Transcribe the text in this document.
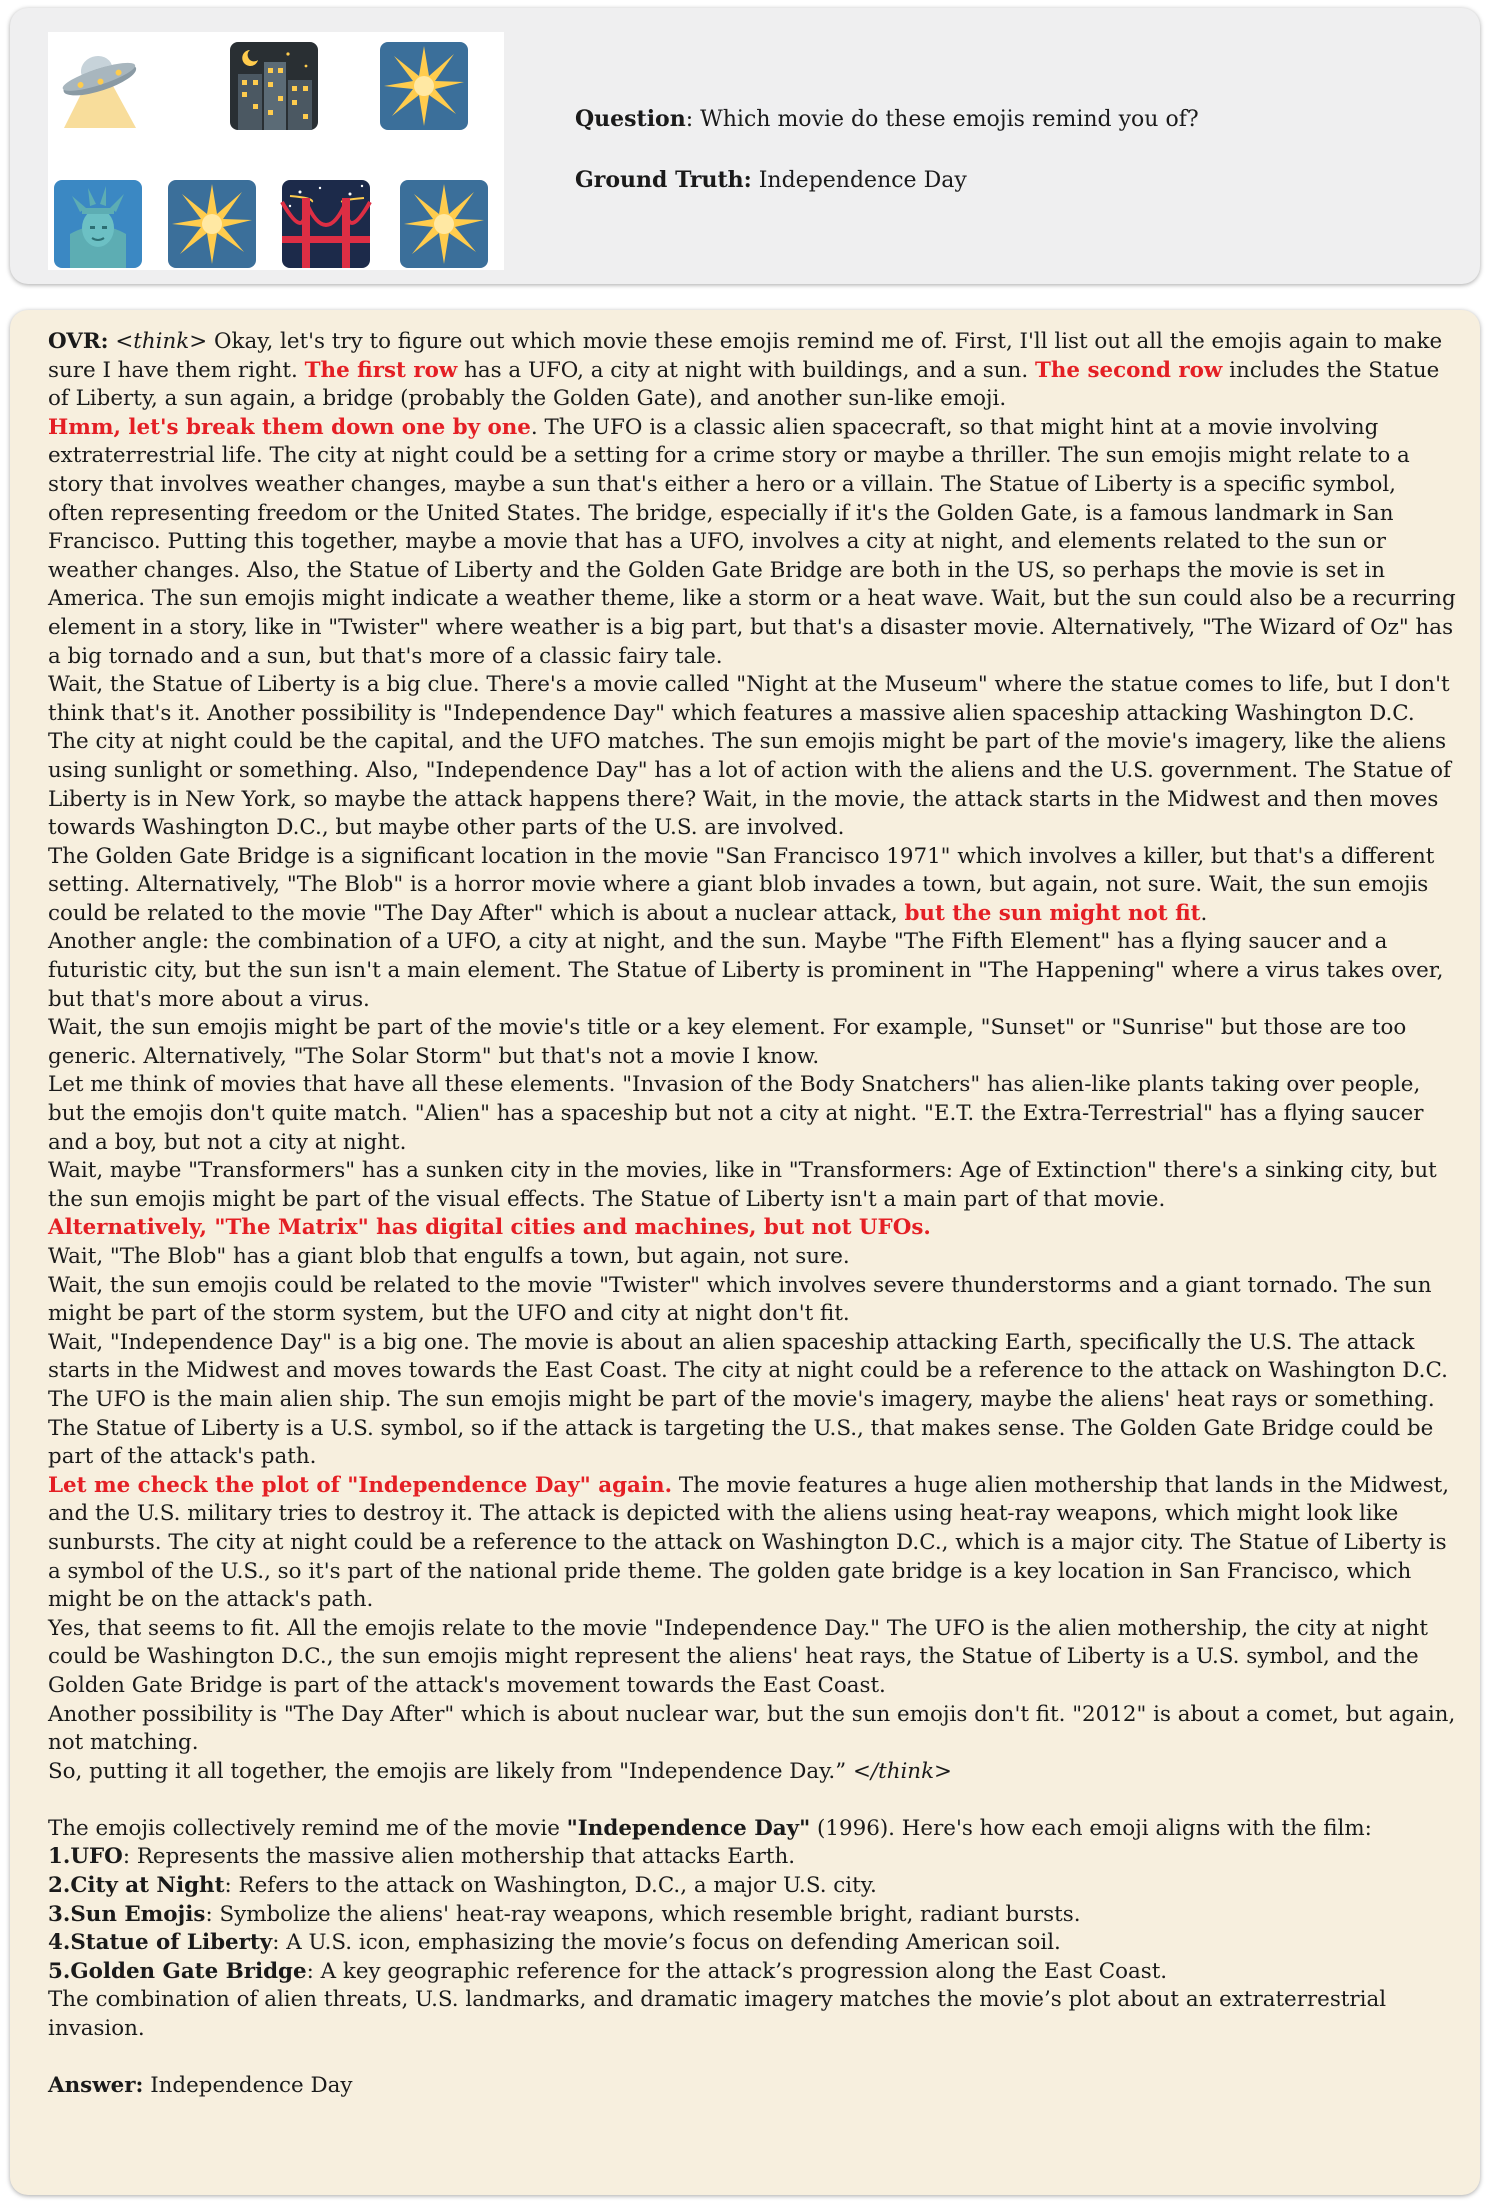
Question: Which movie do these emojis remind you of?
Ground Truth: Independence Day
OVR: <think> Okay, let's try to figure out which movie these emojis remind me of. First, I'll list out all the emojis again to make sure I have them right. The first row has a UFO, a city at night with buildings, and a sun. The second row includes the Statue of Liberty, a sun again, a bridge (probably the Golden Gate), and another sun-like emoji.
Hmm, let's break them down one by one. The UFO is a classic alien spacecraft, so that might hint at a movie involving extraterrestrial life. The city at night could be a setting for a crime story or maybe a thriller. The sun emojis might relate to a story that involves weather changes, maybe a sun that's either a hero or a villain. The Statue of Liberty is a specific symbol, often representing freedom or the United States. The bridge, especially if it's the Golden Gate, is a famous landmark in San Francisco. Putting this together, maybe a movie that has a UFO, involves a city at night, and elements related to the sun or weather changes. Also, the Statue of Liberty and the Golden Gate Bridge are both in the US, so perhaps the movie is set in America. The sun emojis might indicate a weather theme, like a storm or a heat wave. Wait, but the sun could also be a recurring element in a story, like in "Twister" where weather is a big part, but that's a disaster movie. Alternatively, "The Wizard of Oz" has a big tornado and a sun, but that's more of a classic fairy tale.
Wait, the Statue of Liberty is a big clue. There's a movie called "Night at the Museum" where the statue comes to life, but I don't think that's it. Another possibility is "Independence Day" which features a massive alien spaceship attacking Washington D.C. The city at night could be the capital, and the UFO matches. The sun emojis might be part of the movie's imagery, like the aliens using sunlight or something. Also, "Independence Day" has a lot of action with the aliens and the U.S. government. The Statue of Liberty is in New York, so maybe the attack happens there? Wait, in the movie, the attack starts in the Midwest and then moves towards Washington D.C., but maybe other parts of the U.S. are involved.
The Golden Gate Bridge is a significant location in the movie "San Francisco 1971" which involves a killer, but that's a different setting. Alternatively, "The Blob" is a horror movie where a giant blob invades a town, but again, not sure. Wait, the sun emojis could be related to the movie "The Day After" which is about a nuclear attack, but the sun might not fit.
Another angle: the combination of a UFO, a city at night, and the sun. Maybe "The Fifth Element" has a flying saucer and a futuristic city, but the sun isn't a main element. The Statue of Liberty is prominent in "The Happening" where a virus takes over, but that's more about a virus.
Wait, the sun emojis might be part of the movie's title or a key element. For example, "Sunset" or "Sunrise" but those are too generic. Alternatively, "The Solar Storm" but that's not a movie I know.
Let me think of movies that have all these elements. "Invasion of the Body Snatchers" has alien-like plants taking over people, but the emojis don't quite match. "Alien" has a spaceship but not a city at night. "E.T. the Extra-Terrestrial" has a flying saucer and a boy, but not a city at night.
Wait, maybe "Transformers" has a sunken city in the movies, like in "Transformers: Age of Extinction" there's a sinking city, but the sun emojis might be part of the visual effects. The Statue of Liberty isn't a main part of that movie.
Alternatively, "The Matrix" has digital cities and machines, but not UFOs.
Wait, "The Blob" has a giant blob that engulfs a town, but again, not sure.
Wait, the sun emojis could be related to the movie "Twister" which involves severe thunderstorms and a giant tornado. The sun might be part of the storm system, but the UFO and city at night don't fit.
Wait, "Independence Day" is a big one. The movie is about an alien spaceship attacking Earth, specifically the U.S. The attack starts in the Midwest and moves towards the East Coast. The city at night could be a reference to the attack on Washington D.C. The UFO is the main alien ship. The sun emojis might be part of the movie's imagery, maybe the aliens' heat rays or something. The Statue of Liberty is a U.S. symbol, so if the attack is targeting the U.S., that makes sense. The Golden Gate Bridge could be part of the attack's path.
Let me check the plot of "Independence Day" again. The movie features a huge alien mothership that lands in the Midwest, and the U.S. military tries to destroy it. The attack is depicted with the aliens using heat-ray weapons, which might look like sunbursts. The city at night could be a reference to the attack on Washington D.C., which is a major city. The Statue of Liberty is a symbol of the U.S., so it's part of the national pride theme. The golden gate bridge is a key location in San Francisco, which might be on the attack's path.
Yes, that seems to fit. All the emojis relate to the movie "Independence Day." The UFO is the alien mothership, the city at night could be Washington D.C., the sun emojis might represent the aliens' heat rays, the Statue of Liberty is a U.S. symbol, and the Golden Gate Bridge is part of the attack's movement towards the East Coast.
Another possibility is "The Day After" which is about nuclear war, but the sun emojis don't fit. "2012" is about a comet, but again, not matching.
So, putting it all together, the emojis are likely from "Independence Day.” </think>
The emojis collectively remind me of the movie "Independence Day" (1996). Here's how each emoji aligns with the film:
1.UFO: Represents the massive alien mothership that attacks Earth.
2.City at Night: Refers to the attack on Washington, D.C., a major U.S. city.
3.Sun Emojis: Symbolize the aliens' heat-ray weapons, which resemble bright, radiant bursts.
4.Statue of Liberty: A U.S. icon, emphasizing the movie’s focus on defending American soil.
5.Golden Gate Bridge: A key geographic reference for the attack’s progression along the East Coast.
The combination of alien threats, U.S. landmarks, and dramatic imagery matches the movie’s plot about an extraterrestrial invasion.
Answer: Independence Day
